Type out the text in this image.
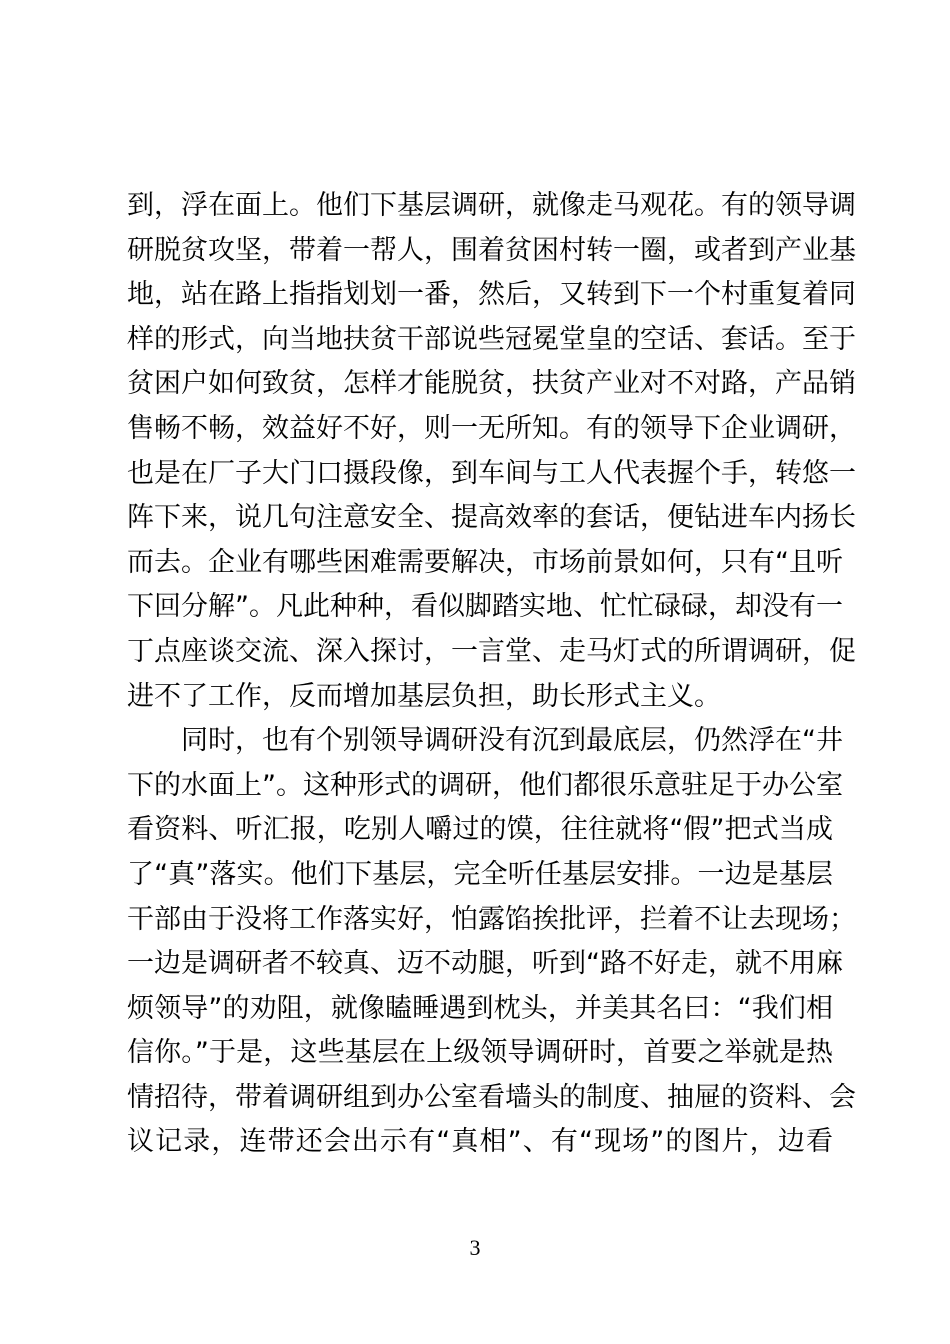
到，浮在面上。他们下基层调研，就像走马观花。有的领导调
研脱贫攻坚，带着一帮人，围着贫困村转一圈，或者到产业基
地，站在路上指指划划一番，然后，又转到下一个村重复着同
样的形式，向当地扶贫干部说些冠冕堂皇的空话、套话。至于
贫困户如何致贫，怎样才能脱贫，扶贫产业对不对路，产品销
售畅不畅，效益好不好，则一无所知。有的领导下企业调研，
也是在厂子大门口摄段像，到车间与工人代表握个手，转悠一
阵下来，说几句注意安全、提高效率的套话，便钻进车内扬长
而去。企业有哪些困难需要解决，市场前景如何，只有“且听
下回分解”。凡此种种，看似脚踏实地、忙忙碌碌，却没有一
丁点座谈交流、深入探讨，一言堂、走马灯式的所谓调研，促
进不了工作，反而增加基层负担，助长形式主义。
同时，也有个别领导调研没有沉到最底层，仍然浮在“井
下的水面上”。这种形式的调研，他们都很乐意驻足于办公室
看资料、听汇报，吃别人嚼过的馍，往往就将“假”把式当成
了“真”落实。他们下基层，完全听任基层安排。一边是基层
干部由于没将工作落实好，怕露馅挨批评，拦着不让去现场；
一边是调研者不较真、迈不动腿，听到“路不好走，就不用麻
烦领导”的劝阻，就像瞌睡遇到枕头，并美其名曰：“我们相
信你。”于是，这些基层在上级领导调研时，首要之举就是热
情招待，带着调研组到办公室看墙头的制度、抽屉的资料、会
议记录，连带还会出示有“真相”、有“现场”的图片，边看
3
